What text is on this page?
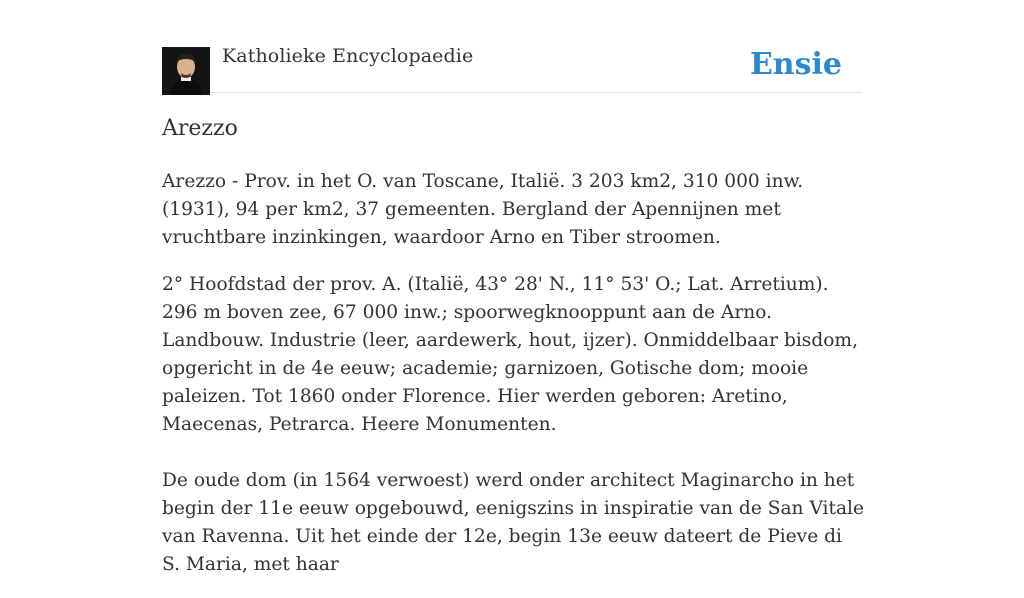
Katholieke Encyclopaedie	Ensie
Arezzo

Arezzo - Prov. in het O. van Toscane, Italië. 3 203 km2, 310 000 inw. (1931), 94 per km2, 37 gemeenten. Bergland der Apennijnen met vruchtbare inzinkingen, waardoor Arno en Tiber stroomen.

2° Hoofdstad der prov. A. (Italië, 43° 28' N., 11° 53' O.; Lat. Arretium). 296 m boven zee, 67 000 inw.; spoorwegknooppunt aan de Arno. Landbouw. Industrie (leer, aardewerk, hout, ijzer). Onmiddelbaar bisdom, opgericht in de 4e eeuw; academie; garnizoen, Gotische dom; mooie paleizen. Tot 1860 onder Florence. Hier werden geboren: Aretino, Maecenas, Petrarca. Heere Monumenten.

De oude dom (in 1564 verwoest) werd onder architect Maginarcho in het begin der 11e eeuw opgebouwd, eenigszins in inspiratie van de San Vitale van Ravenna. Uit het einde der 12e, begin 13e eeuw dateert de Pieve di S. Maria, met haar
